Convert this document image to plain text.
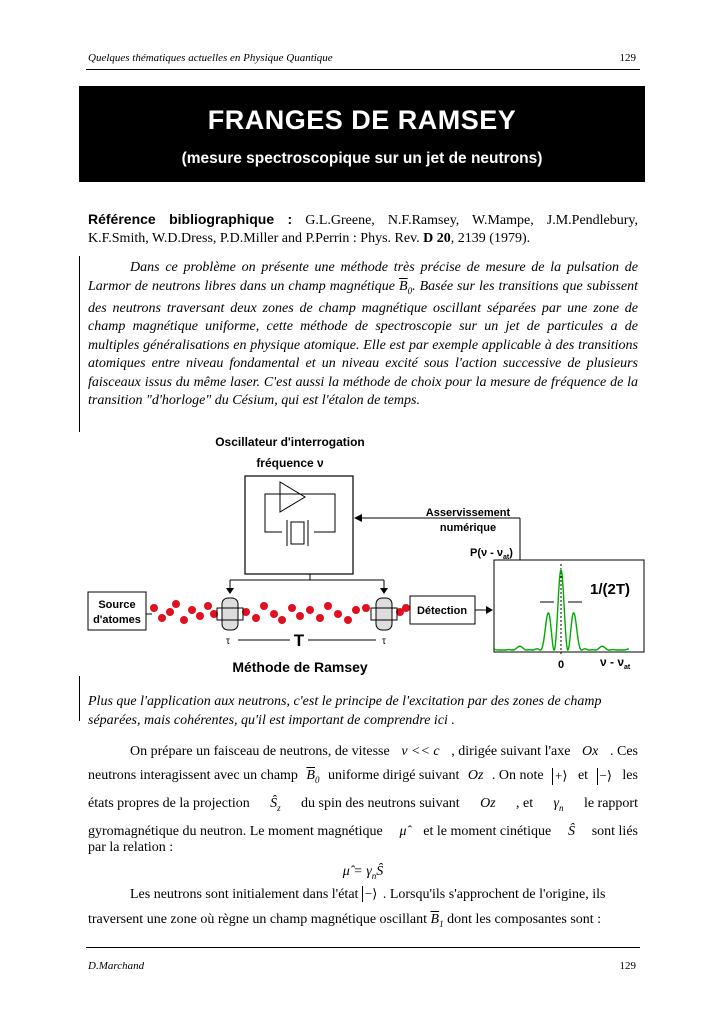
Quelques thématiques actuelles en Physique Quantique	129
FRANGES DE RAMSEY
(mesure spectroscopique sur un jet de neutrons)
Référence bibliographique : G.L.Greene, N.F.Ramsey, W.Mampe, J.M.Pendlebury, K.F.Smith, W.D.Dress, P.D.Miller and P.Perrin : Phys. Rev. D 20, 2139 (1979).
Dans ce problème on présente une méthode très précise de mesure de la pulsation de Larmor de neutrons libres dans un champ magnétique $\overline{B}_0$. Basée sur les transitions que subissent des neutrons traversant deux zones de champ magnétique oscillant séparées par une zone de champ magnétique uniforme, cette méthode de spectroscopie sur un jet de particules a de multiples généralisations en physique atomique. Elle est par exemple applicable à des transitions atomiques entre niveau fondamental et un niveau excité sous l'action successive de plusieurs faisceaux issus du même laser. C'est aussi la méthode de choix pour la mesure de fréquence de la transition "d'horloge" du Césium, qui est l'étalon de temps.
Oscillateur d'interrogation
fréquence ν
Asservissement
numérique
Source
d'atomes
Détection
τ	τ
T
Méthode de Ramsey
$P(\nu - \nu_{at})$
1/(2T)
0	ν - $\nu_{at}$
Plus que l'application aux neutrons, c'est le principe de l'excitation par des zones de champ séparées, mais cohérentes, qu'il est important de comprendre ici .
On prépare un faisceau de neutrons, de vitesse v << c , dirigée suivant l'axe Ox . Ces
neutrons interagissent avec un champ $\overline{B}_0$ uniforme dirigé suivant Oz . On note +⟩ et −⟩ les
états propres de la projection $Ŝ_z$ du spin des neutrons suivant Oz , et $\gamma_n$ le rapport
gyromagnétique du neutron. Le moment magnétique μ̂ et le moment cinétique Ŝ sont liés
par la relation :
μ̂ = $\gamma_nŜ$
Les neutrons sont initialement dans l'état −⟩ . Lorsqu'ils s'approchent de l'origine, ils
traversent une zone où règne un champ magnétique oscillant $\overline{B}_1$ dont les composantes sont :
D.Marchand	129
